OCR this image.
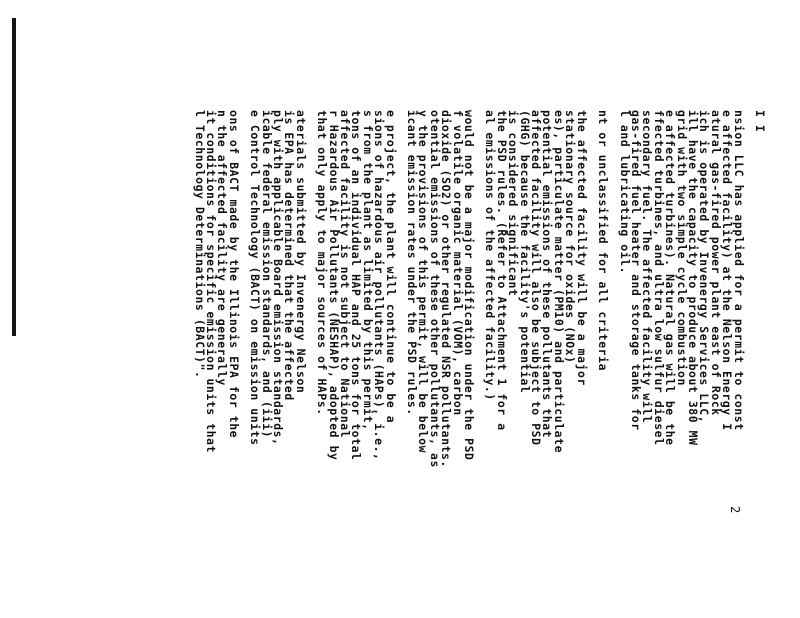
I I
nsion LLC has applied for a permit to const
e affected facility) at the Nelson Energy I
atural gas-fired power plant east of Rock
ich is operated by Invenergy Services LLC,
ill have the capacity to produce about 380 MW
grid with two simple cycle combustion
e affected turbines). Natural gas will be the
ffected turbines, and ultra low sulfur diesel
secondary fuel. The affected facility will
gas-fired fuel heater and storage tanks for
l and lubricating oil.
nt or unclassified for all criteria
the affected facility will be a major
stationary source for oxides (NOx)
es), particulate matter (PM10) and particulate
potential emissions of these pollutants that
affected facility will also be subject to PSD
(GHG) because the facility's potential
is considered significant
the PSD rules. (Refer to Attachment 1 for a
al emissions of the affected facility.)
would not be a major modification under the PSD
f volatile organic material (VOM), carbon
dioxide (SO2) or other regulated NSR pollutants.
otential emissions of these other pollutants, as
y the provisions of this permit, will be below
icant emission rates under the PSD rules.
e project, the plant will continue to be a
sions of hazardous air pollutants (HAPs), i.e.,
s from the plant as limited by this permit,
tons of an individual HAP and 25 tons for total
affected facility is not subject to National
r Hazardous Air Pollutants (NESHAP), adopted by
that only apply to major sources of HAPs.
aterials submitted by Invenergy Nelson
is EPA has determined that the affected
ply with applicable Board emission standards,
icable federal emission standards, and (iii)
e Control Technology (BACT) on emission units
ons of BACT made by the Illinois EPA for the
n the affected facility are generally
it conditions for specific emission units that
l Technology Determinations (BACT)".
2
